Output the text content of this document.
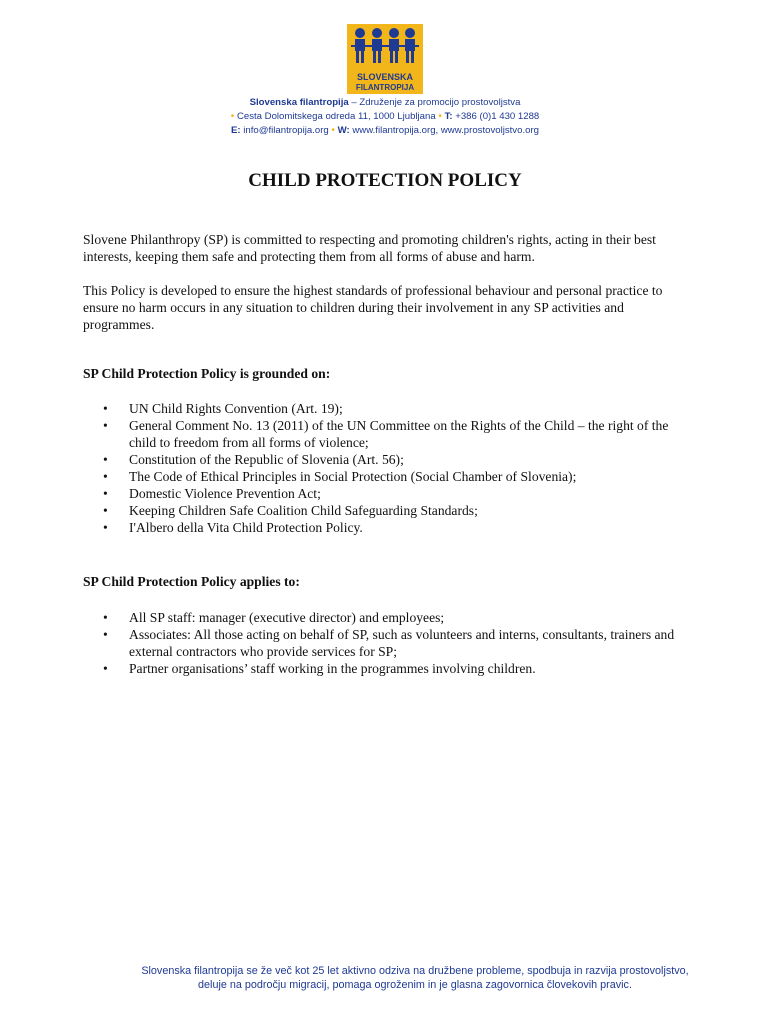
SLOVENSKA
FILANTROPIJA
Slovenska filantropija – Združenje za promocijo prostovoljstva
• Cesta Dolomitskega odreda 11, 1000 Ljubljana • T: +386 (0)1 430 1288
E: info@filantropija.org • W: www.filantropija.org, www.prostovoljstvo.org
CHILD PROTECTION POLICY
Slovene Philanthropy (SP) is committed to respecting and promoting children's rights, acting in their best interests, keeping them safe and protecting them from all forms of abuse and harm.
This Policy is developed to ensure the highest standards of professional behaviour and personal practice to ensure no harm occurs in any situation to children during their involvement in any SP activities and programmes.
SP Child Protection Policy is grounded on:
• UN Child Rights Convention (Art. 19);
• General Comment No. 13 (2011) of the UN Committee on the Rights of the Child – the right of the child to freedom from all forms of violence;
• Constitution of the Republic of Slovenia (Art. 56);
• The Code of Ethical Principles in Social Protection (Social Chamber of Slovenia);
• Domestic Violence Prevention Act;
• Keeping Children Safe Coalition Child Safeguarding Standards;
• I'Albero della Vita Child Protection Policy.
SP Child Protection Policy applies to:
• All SP staff: manager (executive director) and employees;
• Associates: All those acting on behalf of SP, such as volunteers and interns, consultants, trainers and external contractors who provide services for SP;
• Partner organisations’ staff working in the programmes involving children.
Slovenska filantropija se že več kot 25 let aktivno odziva na družbene probleme, spodbuja in razvija prostovoljstvo,
deluje na področju migracij, pomaga ogroženim in je glasna zagovornica človekovih pravic.
